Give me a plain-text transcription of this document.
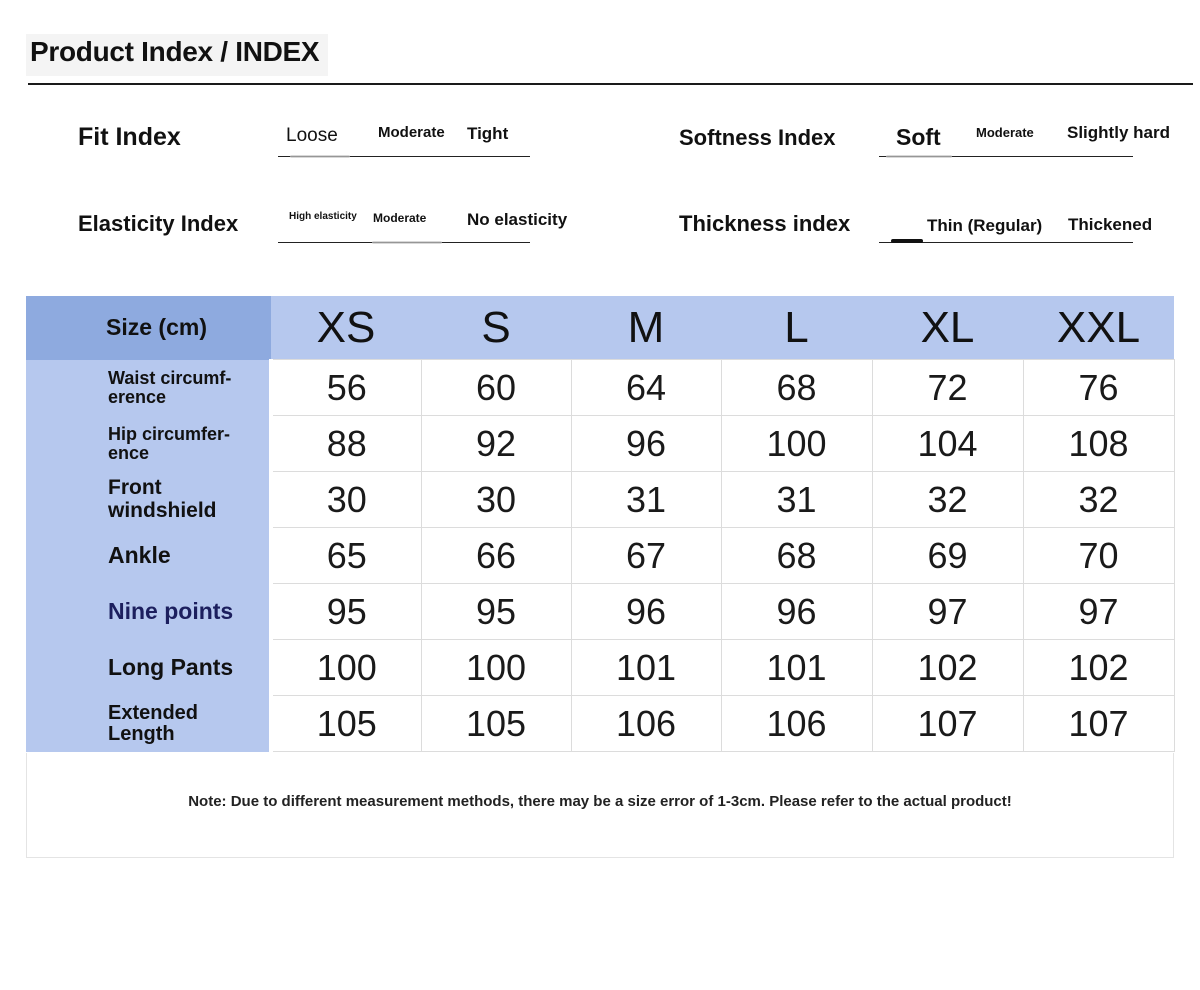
Product Index / INDEX
Fit Index	Loose	Moderate Tight	Softness Index	Soft	Moderate Slightly hard
Elasticity Index	High elasticity Moderate No elasticity	Thickness index	Thin (Regular) Thickened
Size (cm)	XS	S	M	L	XL	XXL
Waist circumf-
erence	56	60	64	68	72	76
Hip circumfer-
ence	88	92	96	100	104	108
Front
windshield	30	30	31	31	32	32
Ankle	65	66	67	68	69	70
Nine points	95	95	96	96	97	97
Long Pants	100	100	101	101	102	102
Extended
Length	105	105	106	106	107	107
Note: Due to different measurement methods, there may be a size error of 1-3cm. Please refer to the actual product!
